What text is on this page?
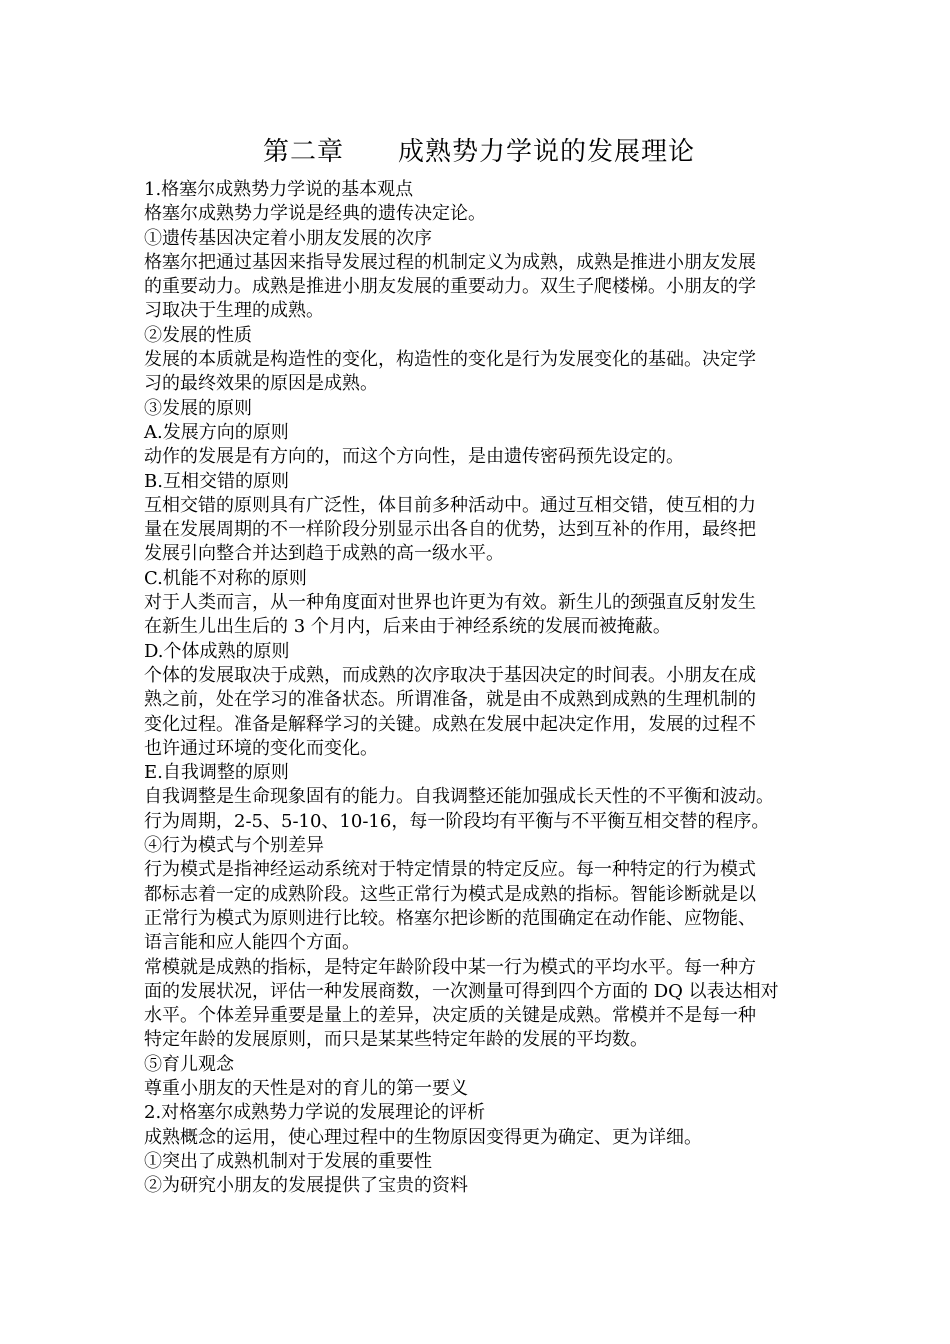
第二章　　成熟势力学说的发展理论

1.格塞尔成熟势力学说的基本观点

格塞尔成熟势力学说是经典的遗传决定论。

①遗传基因决定着小朋友发展的次序

格塞尔把通过基因来指导发展过程的机制定义为成熟，成熟是推进小朋友发展

的重要动力。成熟是推进小朋友发展的重要动力。双生子爬楼梯。小朋友的学

习取决于生理的成熟。

②发展的性质

发展的本质就是构造性的变化，构造性的变化是行为发展变化的基础。决定学

习的最终效果的原因是成熟。

③发展的原则

A.发展方向的原则

动作的发展是有方向的，而这个方向性，是由遗传密码预先设定的。

B.互相交错的原则

互相交错的原则具有广泛性，体目前多种活动中。通过互相交错，使互相的力

量在发展周期的不一样阶段分别显示出各自的优势，达到互补的作用，最终把

发展引向整合并达到趋于成熟的高一级水平。

C.机能不对称的原则

对于人类而言，从一种角度面对世界也许更为有效。新生儿的颈强直反射发生

在新生儿出生后的 3 个月内，后来由于神经系统的发展而被掩蔽。

D.个体成熟的原则

个体的发展取决于成熟，而成熟的次序取决于基因决定的时间表。小朋友在成

熟之前，处在学习的准备状态。所谓准备，就是由不成熟到成熟的生理机制的

变化过程。准备是解释学习的关键。成熟在发展中起决定作用，发展的过程不

也许通过环境的变化而变化。

E.自我调整的原则

自我调整是生命现象固有的能力。自我调整还能加强成长天性的不平衡和波动。

行为周期，2-5、5-10、10-16，每一阶段均有平衡与不平衡互相交替的程序。

④行为模式与个别差异

行为模式是指神经运动系统对于特定情景的特定反应。每一种特定的行为模式

都标志着一定的成熟阶段。这些正常行为模式是成熟的指标。智能诊断就是以

正常行为模式为原则进行比较。格塞尔把诊断的范围确定在动作能、应物能、

语言能和应人能四个方面。

常模就是成熟的指标，是特定年龄阶段中某一行为模式的平均水平。每一种方

面的发展状况，评估一种发展商数，一次测量可得到四个方面的 DQ 以表达相对

水平。个体差异重要是量上的差异，决定质的关键是成熟。常模并不是每一种

特定年龄的发展原则，而只是某某些特定年龄的发展的平均数。

⑤育儿观念

尊重小朋友的天性是对的育儿的第一要义

2.对格塞尔成熟势力学说的发展理论的评析

成熟概念的运用，使心理过程中的生物原因变得更为确定、更为详细。

①突出了成熟机制对于发展的重要性

②为研究小朋友的发展提供了宝贵的资料
